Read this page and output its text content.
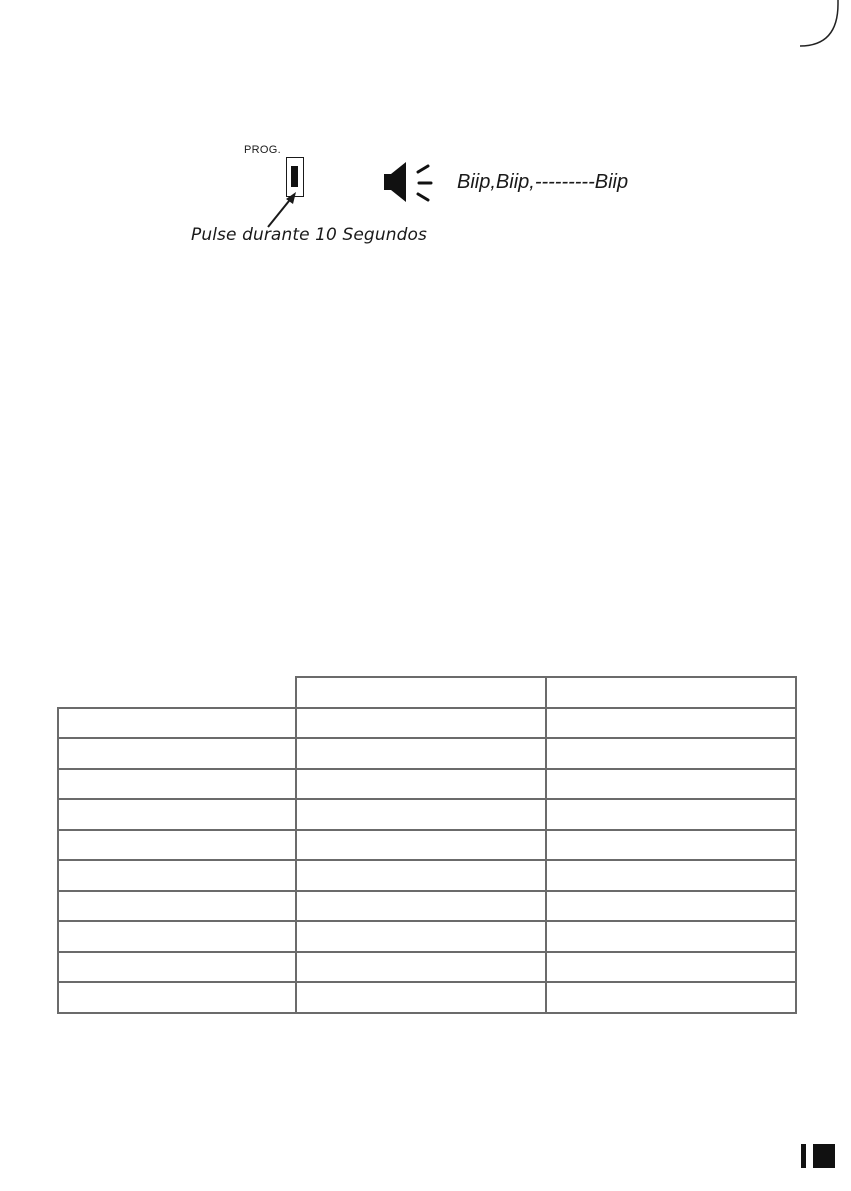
PROG.
Pulse durante 10 Segundos
Biip,Biip,---------Biip
